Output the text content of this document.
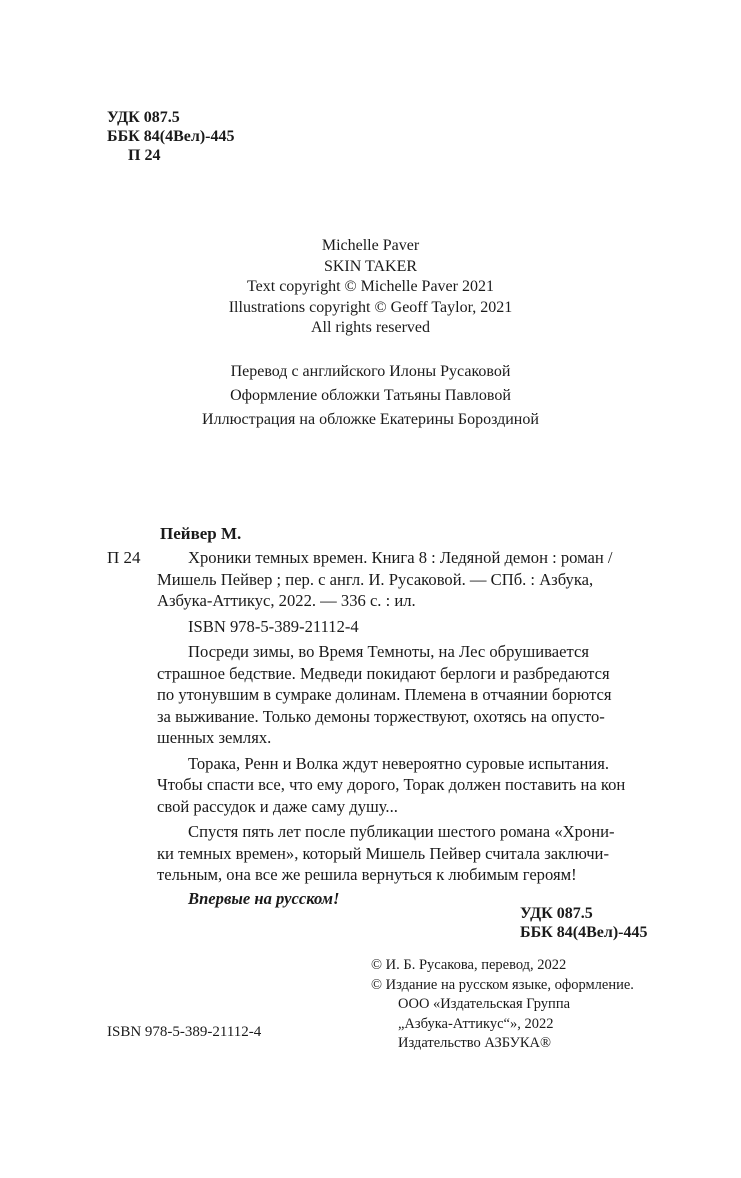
УДК 087.5
ББК 84(4Вел)-445
П 24
Michelle Paver
SKIN TAKER
Text copyright © Michelle Paver 2021
Illustrations copyright © Geoff Taylor, 2021
All rights reserved
Перевод с английского Илоны Русаковой
Оформление обложки Татьяны Павловой
Иллюстрация на обложке Екатерины Бороздиной
Пейвер М.
П 24	Хроники темных времен. Книга 8 : Ледяной демон : роман /
Мишель Пейвер ; пер. с англ. И. Русаковой. — СПб. : Азбука,
Азбука-Аттикус, 2022. — 336 с. : ил.
ISBN 978-5-389-21112-4
Посреди зимы, во Время Темноты, на Лес обрушивается
страшное бедствие. Медведи покидают берлоги и разбредаются
по утонувшим в сумраке долинам. Племена в отчаянии борются
за выживание. Только демоны торжествуют, охотясь на опусто-
шенных землях.
Торака, Ренн и Волка ждут невероятно суровые испытания.
Чтобы спасти все, что ему дорого, Торак должен поставить на кон
свой рассудок и даже саму душу...
Спустя пять лет после публикации шестого романа «Хрони-
ки темных времен», который Мишель Пейвер считала заключи-
тельным, она все же решила вернуться к любимым героям!
Впервые на русском!
УДК 087.5
ББК 84(4Вел)-445
© И. Б. Русакова, перевод, 2022
© Издание на русском языке, оформление.
ООО «Издательская Группа
„Азбука-Аттикус“», 2022
Издательство АЗБУКА®
ISBN 978-5-389-21112-4
